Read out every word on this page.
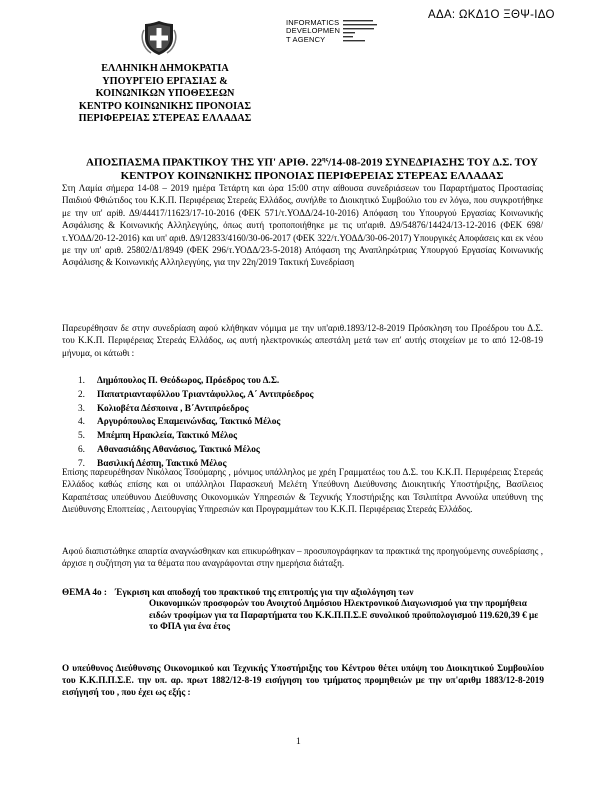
ΑΔΑ: ΩΚΔ1Ο ΞΘΨ-ΙΔΟ
INFORMATICS
DEVELOPMEN
T AGENCY
ΕΛΛΗΝΙΚΗ ΔΗΜΟΚΡΑΤΙΑ
ΥΠΟΥΡΓΕΙΟ ΕΡΓΑΣΙΑΣ &
ΚΟΙΝΩΝΙΚΩΝ ΥΠΟΘΕΣΕΩΝ
ΚΕΝΤΡΟ ΚΟΙΝΩΝΙΚΗΣ ΠΡΟΝΟΙΑΣ
ΠΕΡΙΦΕΡΕΙΑΣ ΣΤΕΡΕΑΣ ΕΛΛΑΔΑΣ
ΑΠΟΣΠΑΣΜΑ ΠΡΑΚΤΙΚΟΥ ΤΗΣ ΥΠ' ΑΡΙΘ. $22^{\eta\varsigma}/14-08-2019$ ΣΥΝΕΔΡΙΑΣΗΣ ΤΟΥ Δ.Σ. ΤΟΥ
ΚΕΝΤΡΟΥ ΚΟΙΝΩΝΙΚΗΣ ΠΡΟΝΟΙΑΣ ΠΕΡΙΦΕΡΕΙΑΣ ΣΤΕΡΕΑΣ ΕΛΛΑΔΑΣ
Στη Λαμία σήμερα 14-08 – 2019 ημέρα Τετάρτη και ώρα 15:00 στην αίθουσα συνεδριάσεων του Παραρτήματος Προστασίας Παιδιού Φθιώτιδος του Κ.Κ.Π. Περιφέρειας Στερεάς Ελλάδος, συνήλθε το Διοικητικό Συμβούλιο του εν λόγω, που συγκροτήθηκε με την υπ' αρίθ. Δ9/44417/11623/17-10-2016 (ΦΕΚ 571/τ.ΥΟΔΔ/24-10-2016) Απόφαση του Υπουργού Εργασίας Κοινωνικής Ασφάλισης & Κοινωνικής Αλληλεγγύης, όπως αυτή τροποποιήθηκε με τις υπ'αριθ. Δ9/54876/14424/13-12-2016 (ΦΕΚ 698/τ.ΥΟΔΔ/20-12-2016) και υπ' αριθ. Δ9/12833/4160/30-06-2017 (ΦΕΚ 322/τ.ΥΟΔΔ/30-06-2017) Υπουργικές Αποφάσεις και εκ νέου με την υπ' αριθ. 25802/Δ1/8949 (ΦΕΚ 296/τ.ΥΟΔΔ/23-5-2018) Απόφαση της Αναπληρώτριας Υπουργού Εργασίας Κοινωνικής Ασφάλισης & Κοινωνικής Αλληλεγγύης, για την 22η/2019 Τακτική Συνεδρίαση
Παρευρέθησαν δε στην συνεδρίαση αφού κλήθηκαν νόμιμα με την υπ'αριθ.1893/12-8-2019 Πρόσκληση του Προέδρου του Δ.Σ. του Κ.Κ.Π. Περιφέρειας Στερεάς Ελλάδος, ως αυτή ηλεκτρονικώς απεστάλη μετά των επ' αυτής στοιχείων με το από 12-08-19 μήνυμα, οι κάτωθι :
1. Δημόπουλος Π. Θεόδωρος, Πρόεδρος του Δ.Σ.
2. Παπατριανταφύλλου Τριαντάφυλλος, Α΄ Αντιπρόεδρος
3. Κολιοβέτα Δέσποινα , Β΄Αντιπρόεδρος
4. Αργυρόπουλος Επαμεινώνδας, Τακτικό Μέλος
5. Μπέμπη Ηρακλεία, Τακτικό Μέλος
6. Αθανασιάδης Αθανάσιος, Τακτικό Μέλος
7. Βασιλική Δέσπη, Τακτικό Μέλος
Επίσης παρευρέθησαν Νικόλαος Τσούμαρης , μόνιμος υπάλληλος με χρέη Γραμματέως του Δ.Σ. του Κ.Κ.Π. Περιφέρειας Στερεάς Ελλάδος καθώς επίσης και οι υπάλληλοι Παρασκευή Μελέτη Υπεύθυνη Διεύθυνσης Διοικητικής Υποστήριξης, Βασίλειος Καραπέτσας υπεύθυνου Διεύθυνσης Οικονομικών Υπηρεσιών & Τεχνικής Υποστήριξης και Τσιλιπίτρα Αννούλα υπεύθυνη της Διεύθυνσης Εποπτείας , Λειτουργίας Υπηρεσιών και Προγραμμάτων του Κ.Κ.Π. Περιφέρειας Στερεάς Ελλάδος.
Αφού διαπιστώθηκε απαρτία αναγνώσθηκαν και επικυρώθηκαν – προσυπογράφηκαν τα πρακτικά της προηγούμενης συνεδρίασης , άρχισε η συζήτηση για τα θέματα που αναγράφονται στην ημερήσια διάταξη.
ΘΕΜΑ 4ο : Έγκριση και αποδοχή του πρακτικού της επιτροπής για την αξιολόγηση των
Οικονομικών προσφορών του Ανοιχτού Δημόσιου Ηλεκτρονικού Διαγωνισμού για την προμήθεια ειδών τροφίμων για τα Παραρτήματα του Κ.Κ.Π.Π.Σ.Ε συνολικού προϋπολογισμού 119.620,39 € με το ΦΠΑ για ένα έτος
Ο υπεύθυνος Διεύθυνσης Οικονομικού και Τεχνικής Υποστήριξης του Κέντρου θέτει υπόψη του Διοικητικού Συμβουλίου του Κ.Κ.Π.Π.Σ.Ε. την υπ. αρ. πρωτ 1882/12-8-19 εισήγηση του τμήματος προμηθειών με την υπ'αριθμ 1883/12-8-2019 εισήγησή του , που έχει ως εξής :
1
